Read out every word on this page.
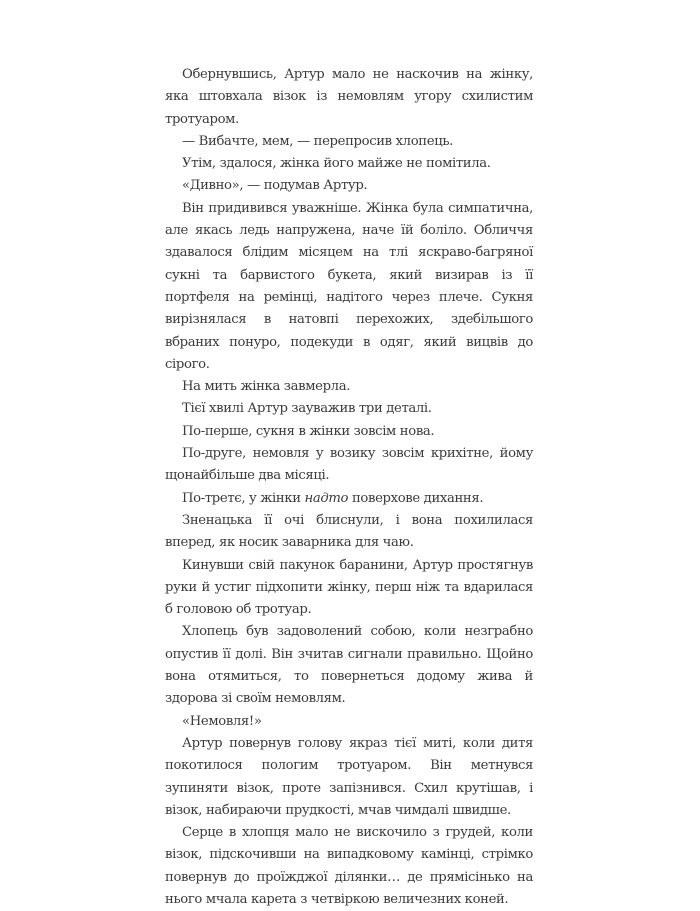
Обернувшись, Артур мало не наскочив на жінку, яка штовхала візок із немовлям угору схилистим тротуаром.

— Вибачте, мем, — перепросив хлопець.

Утім, здалося, жінка його майже не помітила.

«Дивно», — подумав Артур.

Він придивився уважніше. Жінка була симпатична, але якась ледь напружена, наче їй боліло. Обличчя здавалося блідим місяцем на тлі яскраво-багряної сукні та барвистого букета, який визирав із її портфеля на ремінці, надітого через плече. Сукня вирізнялася в натовпі перехожих, здебільшого вбраних понуро, подекуди в одяг, який вицвів до сірого.

На мить жінка завмерла.

Тієї хвилі Артур зауважив три деталі.

По-перше, сукня в жінки зовсім нова.

По-друге, немовля у возику зовсім крихітне, йому щонайбільше два місяці.

По-третє, у жінки надто поверхове дихання.

Зненацька її очі блиснули, і вона похилилася вперед, як носик заварника для чаю.

Кинувши свій пакунок баранини, Артур простягнув руки й устиг підхопити жінку, перш ніж та вдарилася б головою об тротуар.

Хлопець був задоволений собою, коли незграбно опустив її долі. Він зчитав сигнали правильно. Щойно вона отямиться, то повернеться додому жива й здорова зі своїм немовлям.

«Немовля!»

Артур повернув голову якраз тієї миті, коли дитя покотилося пологим тротуаром. Він метнувся зупиняти візок, проте запізнився. Схил крутішав, і візок, набираючи прудкості, мчав чимдалі швидше.

Серце в хлопця мало не вискочило з грудей, коли візок, підскочивши на випадковому камінці, стрімко повернув до проїжджої ділянки… де прямісінько на нього мчала карета з четвіркою величезних коней.
